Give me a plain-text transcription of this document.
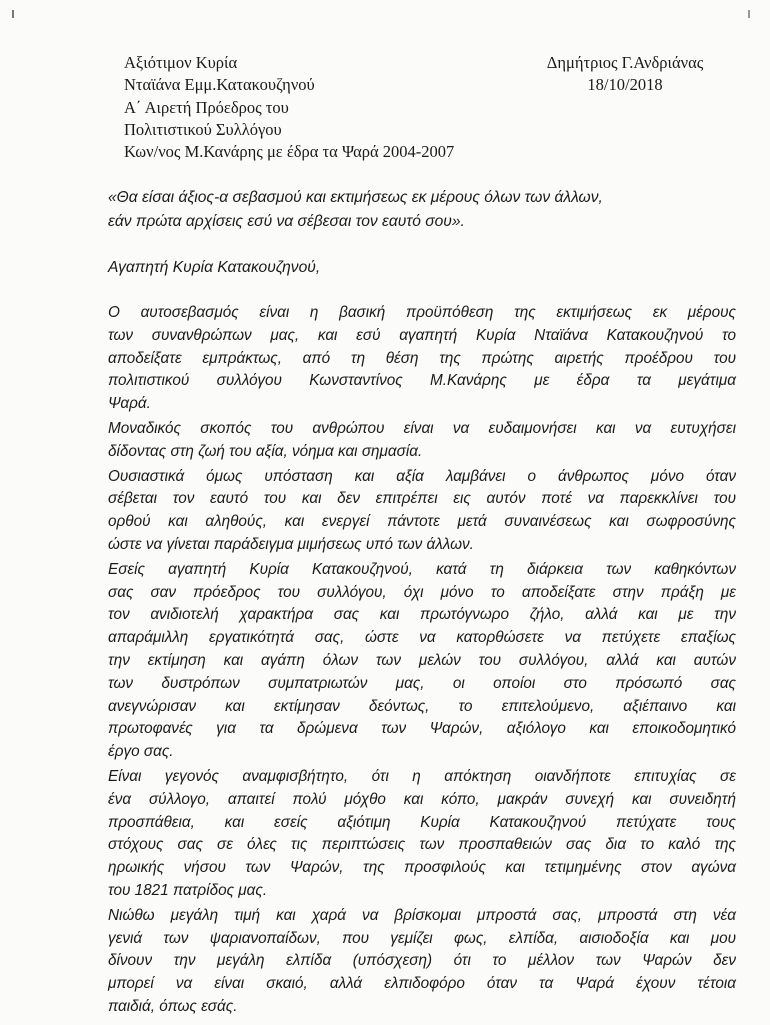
Αξιότιμον Κυρία
Νταϊάνα Εμμ.Κατακουζηνού
Α΄ Αιρετή Πρόεδρος του
Πολιτιστικού Συλλόγου
Κων/νος Μ.Κανάρης με έδρα τα Ψαρά 2004-2007
Δημήτριος Γ.Ανδριάνας
18/10/2018
«Θα είσαι άξιος-α σεβασμού και εκτιμήσεως εκ μέρους όλων των άλλων,
εάν πρώτα αρχίσεις εσύ να σέβεσαι τον εαυτό σου».
Αγαπητή Κυρία Κατακουζηνού,
Ο αυτοσεβασμός είναι η βασική προϋπόθεση της εκτιμήσεως εκ μέρους
των συνανθρώπων μας, και εσύ αγαπητή Κυρία Νταϊάνα Κατακουζηνού το
αποδείξατε εμπράκτως, από τη θέση της πρώτης αιρετής προέδρου του
πολιτιστικού συλλόγου Κωνσταντίνος Μ.Κανάρης με έδρα τα μεγάτιμα
Ψαρά.
Μοναδικός σκοπός του ανθρώπου είναι να ευδαιμονήσει και να ευτυχήσει
δίδοντας στη ζωή του αξία, νόημα και σημασία.
Ουσιαστικά όμως υπόσταση και αξία λαμβάνει ο άνθρωπος μόνο όταν
σέβεται τον εαυτό του και δεν επιτρέπει εις αυτόν ποτέ να παρεκκλίνει του
ορθού και αληθούς, και ενεργεί πάντοτε μετά συναινέσεως και σωφροσύνης
ώστε να γίνεται παράδειγμα μιμήσεως υπό των άλλων.
Εσείς αγαπητή Κυρία Κατακουζηνού, κατά τη διάρκεια των καθηκόντων
σας σαν πρόεδρος του συλλόγου, όχι μόνο το αποδείξατε στην πράξη με
τον ανιδιοτελή χαρακτήρα σας και πρωτόγνωρο ζήλο, αλλά και με την
απαράμιλλη εργατικότητά σας, ώστε να κατορθώσετε να πετύχετε επαξίως
την εκτίμηση και αγάπη όλων των μελών του συλλόγου, αλλά και αυτών
των δυστρόπων συμπατριωτών μας, οι οποίοι στο πρόσωπό σας
ανεγνώρισαν και εκτίμησαν δεόντως, το επιτελούμενο, αξιέπαινο και
πρωτοφανές για τα δρώμενα των Ψαρών, αξιόλογο και εποικοδομητικό
έργο σας.
Είναι γεγονός αναμφισβήτητο, ότι η απόκτηση οιανδήποτε επιτυχίας σε
ένα σύλλογο, απαιτεί πολύ μόχθο και κόπο, μακράν συνεχή και συνειδητή
προσπάθεια, και εσείς αξιότιμη Κυρία Κατακουζηνού πετύχατε τους
στόχους σας σε όλες τις περιπτώσεις των προσπαθειών σας δια το καλό της
ηρωικής νήσου των Ψαρών, της προσφιλούς και τετιμημένης στον αγώνα
του 1821 πατρίδος μας.
Νιώθω μεγάλη τιμή και χαρά να βρίσκομαι μπροστά σας, μπροστά στη νέα
γενιά των ψαριανοπαίδων, που γεμίζει φως, ελπίδα, αισιοδοξία και μου
δίνουν την μεγάλη ελπίδα (υπόσχεση) ότι το μέλλον των Ψαρών δεν
μπορεί να είναι σκαιό, αλλά ελπιδοφόρο όταν τα Ψαρά έχουν τέτοια
παιδιά, όπως εσάς.
